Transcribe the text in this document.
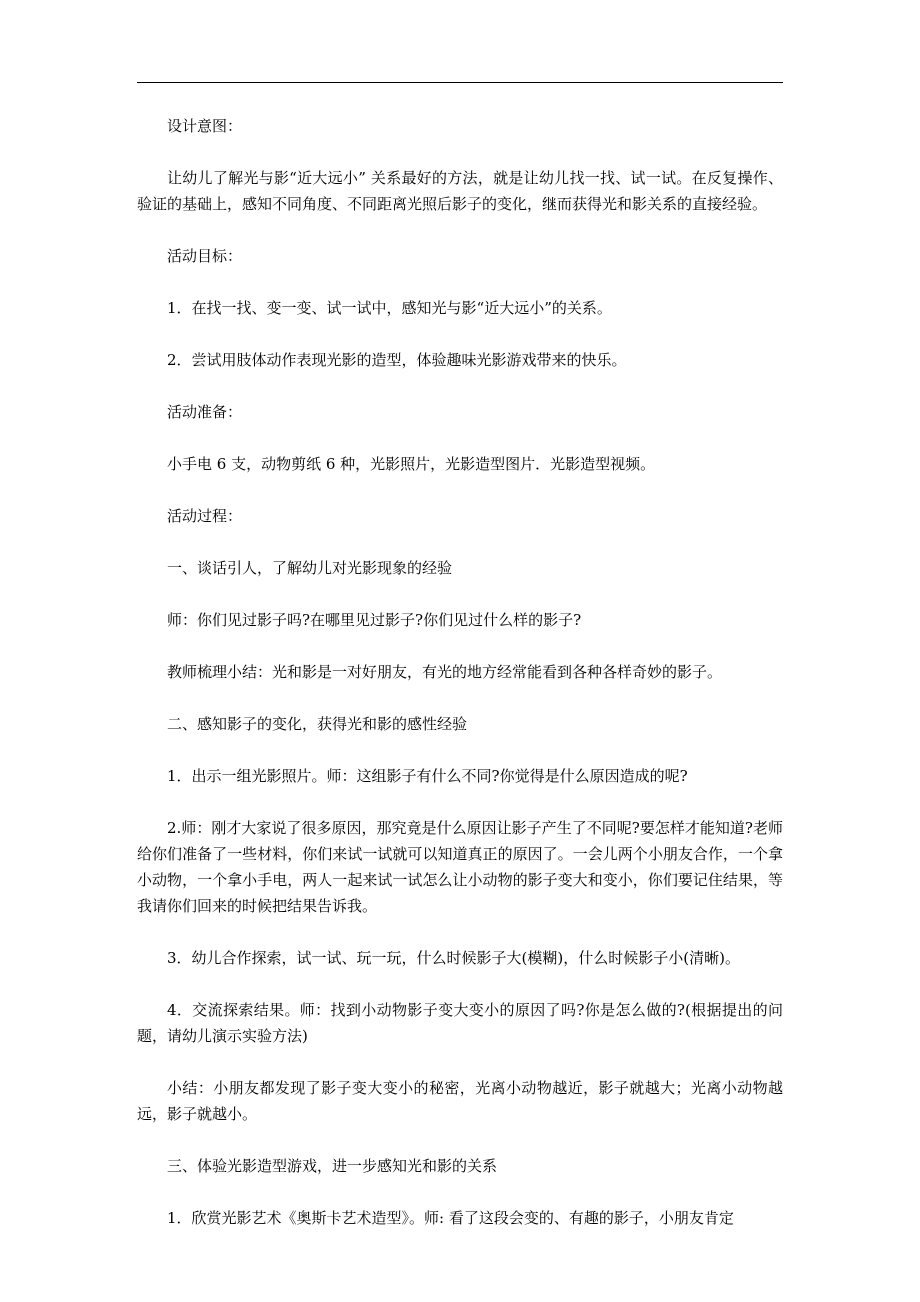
设计意图：

让幼儿了解光与影“近大远小” 关系最好的方法，就是让幼儿找一找、试一试。在反复操作、验证的基础上，感知不同角度、不同距离光照后影子的变化，继而获得光和影关系的直接经验。

活动目标：

1．在找一找、变一变、试一试中，感知光与影“近大远小”的关系。

2．尝试用肢体动作表现光影的造型，体验趣味光影游戏带来的快乐。

活动准备：

小手电 6 支，动物剪纸 6 种，光影照片，光影造型图片．光影造型视频。

活动过程：

一、谈话引人，了解幼儿对光影现象的经验

师：你们见过影子吗?在哪里见过影子?你们见过什么样的影子?

教师梳理小结：光和影是一对好朋友，有光的地方经常能看到各种各样奇妙的影子。

二、感知影子的变化，获得光和影的感性经验

1．出示一组光影照片。师：这组影子有什么不同?你觉得是什么原因造成的呢?

2.师：刚才大家说了很多原因，那究竟是什么原因让影子产生了不同呢?要怎样才能知道?老师给你们准备了一些材料，你们来试一试就可以知道真正的原因了。一会儿两个小朋友合作，一个拿小动物，一个拿小手电，两人一起来试一试怎么让小动物的影子变大和变小，你们要记住结果，等我请你们回来的时候把结果告诉我。

3．幼儿合作探索，试一试、玩一玩，什么时候影子大(模糊)，什么时候影子小(清晰)。

4．交流探索结果。师：找到小动物影子变大变小的原因了吗?你是怎么做的?(根据提出的问题，请幼儿演示实验方法)

小结：小朋友都发现了影子变大变小的秘密，光离小动物越近，影子就越大；光离小动物越远，影子就越小。

三、体验光影造型游戏，进一步感知光和影的关系

1．欣赏光影艺术《奥斯卡艺术造型》。师: 看了这段会变的、有趣的影子，小朋友肯定
